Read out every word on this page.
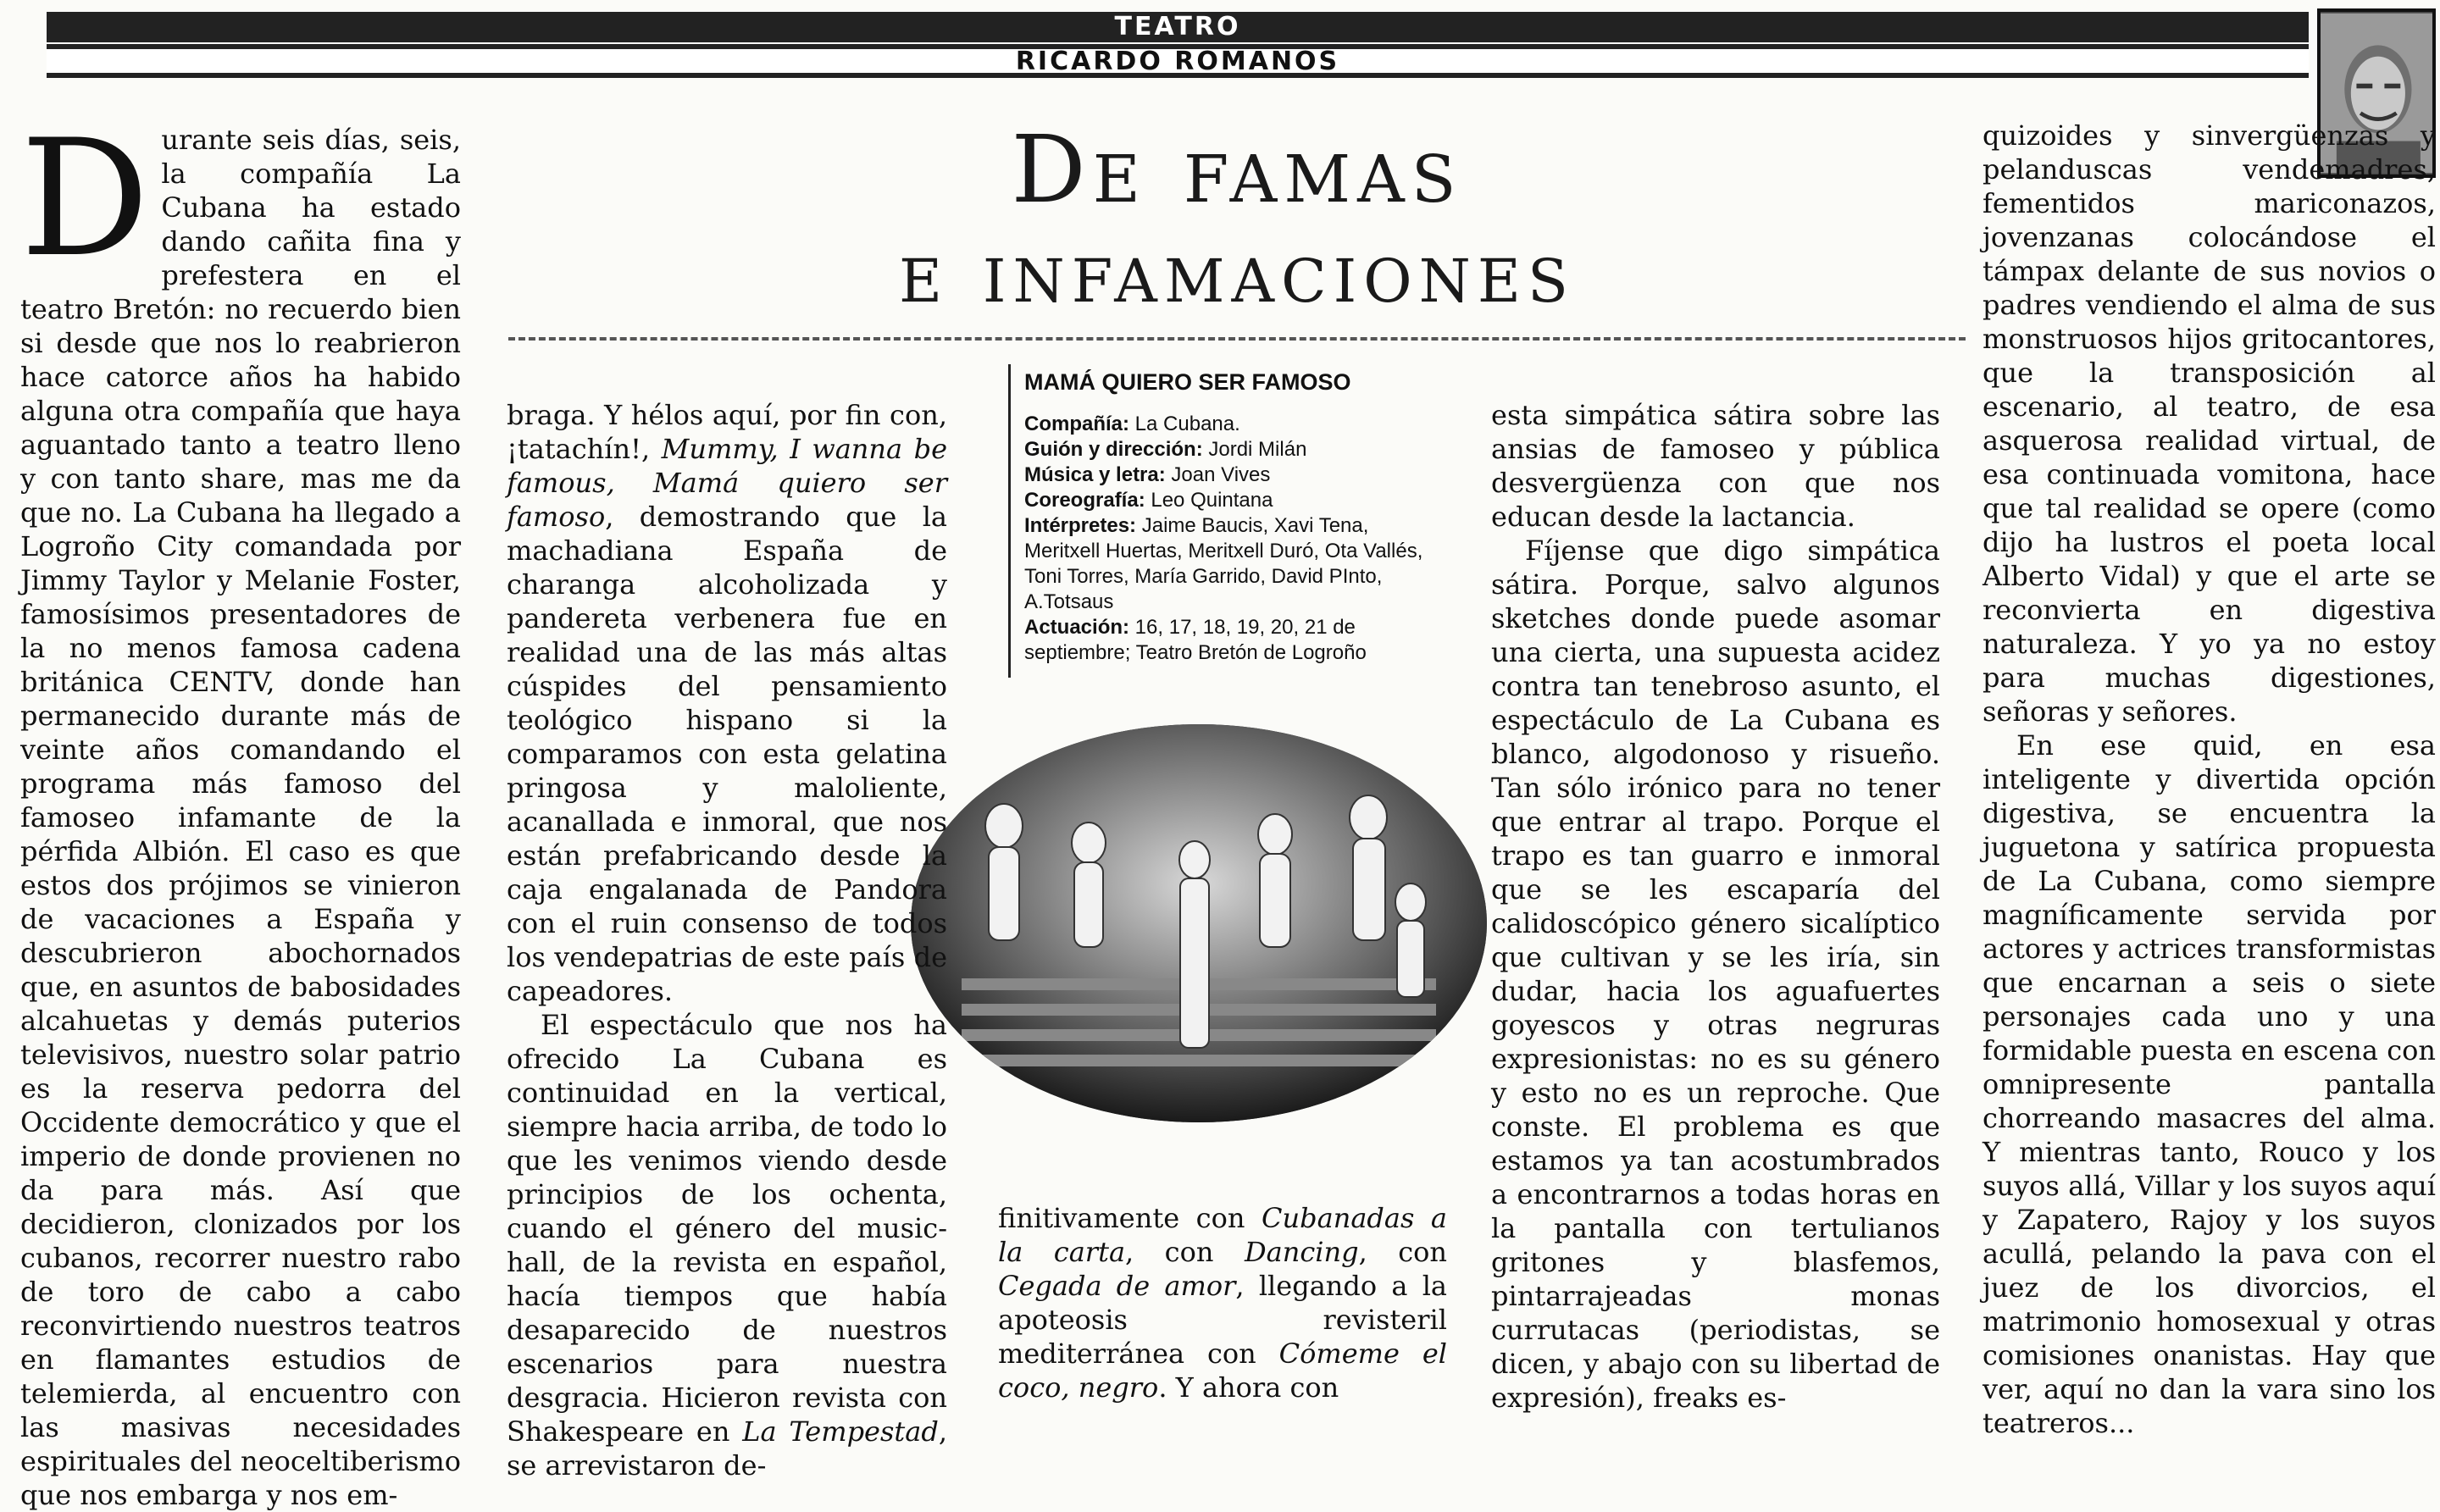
TEATRO
RICARDO ROMANOS
De famas
e infamaciones

Durante seis días, seis, la compañía La Cubana ha estado dando cañita fina y prefestera en el teatro Bretón: no recuerdo bien si desde que nos lo reabrieron hace catorce años ha habido alguna otra compañía que haya aguantado tanto a teatro lleno y con tanto share, mas me da que no. La Cubana ha llegado a Logroño City comandada por Jimmy Taylor y Melanie Foster, famosísimos presentadores de la no menos famosa cadena británica CENTV, donde han permanecido durante más de veinte años comandando el programa más famoso del famoseo infamante de la pérfida Albión. El caso es que estos dos prójimos se vinieron de vacaciones a España y descubrieron abochornados que, en asuntos de babosidades alcahuetas y demás puterios televisivos, nuestro solar patrio es la reserva pedorra del Occidente democrático y que el imperio de donde provienen no da para más. Así que decidieron, clonizados por los cubanos, recorrer nuestro rabo de toro de cabo a cabo reconvirtiendo nuestros teatros en flamantes estudios de telemierda, al encuentro con las masivas necesidades espirituales del neoceltiberismo que nos embarga y nos em-

MAMÁ QUIERO SER FAMOSO
Compañía: La Cubana.
Guión y dirección: Jordi Milán
Música y letra: Joan Vives
Coreografía: Leo Quintana
Intérpretes: Jaime Baucis, Xavi Tena, Meritxell Huertas, Meritxell Duró, Ota Vallés, Toni Torres, María Garrido, David PInto, A.Totsaus
Actuación: 16, 17, 18, 19, 20, 21 de septiembre; Teatro Bretón de Logroño

braga. Y hélos aquí, por fin con, ¡tatachín!, Mummy, I wanna be famous, Mamá quiero ser famoso, demostrando que la machadiana España de charanga alcoholizada y pandereta verbenera fue en realidad una de las más altas cúspides del pensamiento teológico hispano si la comparamos con esta gelatina pringosa y maloliente, acanallada e inmoral, que nos están prefabricando desde la caja engalanada de Pandora con el ruin consenso de todos los vendepatrias de este país de capeadores.

El espectáculo que nos ha ofrecido La Cubana es continuidad en la vertical, siempre hacia arriba, de todo lo que les venimos viendo desde principios de los ochenta, cuando el género del music-hall, de la revista en español, hacía tiempos que había desaparecido de nuestros escenarios para nuestra desgracia. Hicieron revista con Shakespeare en La Tempestad, se arrevistaron de-

finitivamente con Cubanadas a la carta, con Dancing, con Cegada de amor, llegando a la apoteosis revisteril mediterránea con Cómeme el coco, negro. Y ahora con

esta simpática sátira sobre las ansias de famoseo y pública desvergüenza con que nos educan desde la lactancia.

Fíjense que digo simpática sátira. Porque, salvo algunos sketches donde puede asomar una cierta, una supuesta acidez contra tan tenebroso asunto, el espectáculo de La Cubana es blanco, algodonoso y risueño. Tan sólo irónico para no tener que entrar al trapo. Porque el trapo es tan guarro e inmoral que se les escaparía del calidoscópico género sicalíptico que cultivan y se les iría, sin dudar, hacia los aguafuertes goyescos y otras negruras expresionistas: no es su género y esto no es un reproche. Que conste. El problema es que estamos ya tan acostumbrados a encontrarnos a todas horas en la pantalla con tertulianos gritones y blasfemos, pintarrajeadas monas currutacas (periodistas, se dicen, y abajo con su libertad de expresión), freaks es-

quizoides y sinvergüenzas y pelanduscas vendemadres, fementidos mariconazos, jovenzanas colocándose el támpax delante de sus novios o padres vendiendo el alma de sus monstruosos hijos gritocantores, que la transposición al escenario, al teatro, de esa asquerosa realidad virtual, de esa continuada vomitona, hace que tal realidad se opere (como dijo ha lustros el poeta local Alberto Vidal) y que el arte se reconvierta en digestiva naturaleza. Y yo ya no estoy para muchas digestiones, señoras y señores.

En ese quid, en esa inteligente y divertida opción digestiva, se encuentra la juguetona y satírica propuesta de La Cubana, como siempre magníficamente servida por actores y actrices transformistas que encarnan a seis o siete personajes cada uno y una formidable puesta en escena con omnipresente pantalla chorreando masacres del alma. Y mientras tanto, Rouco y los suyos allá, Villar y los suyos aquí y Zapatero, Rajoy y los suyos acullá, pelando la pava con el juez de los divorcios, el matrimonio homosexual y otras comisiones onanistas. Hay que ver, aquí no dan la vara sino los teatreros...
